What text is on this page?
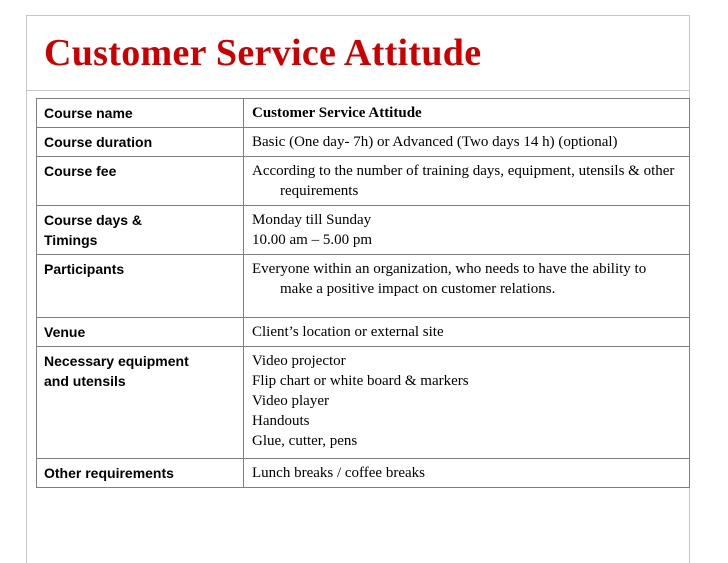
Customer Service Attitude
Course name	Customer Service Attitude
Course duration	Basic (One day- 7h) or Advanced (Two days 14 h) (optional)
Course fee	According to the number of training days, equipment, utensils & other requirements

Course days &
Timings	Monday till Sunday
10.00 am – 5.00 pm

Participants	Everyone within an organization, who needs to have the ability to make a positive impact on customer relations.

Venue	Client’s location or external site

Necessary equipment
and utensils	Video projector
Flip chart or white board & markers
Video player
Handouts
Glue, cutter, pens

Other requirements	Lunch breaks / coffee breaks
